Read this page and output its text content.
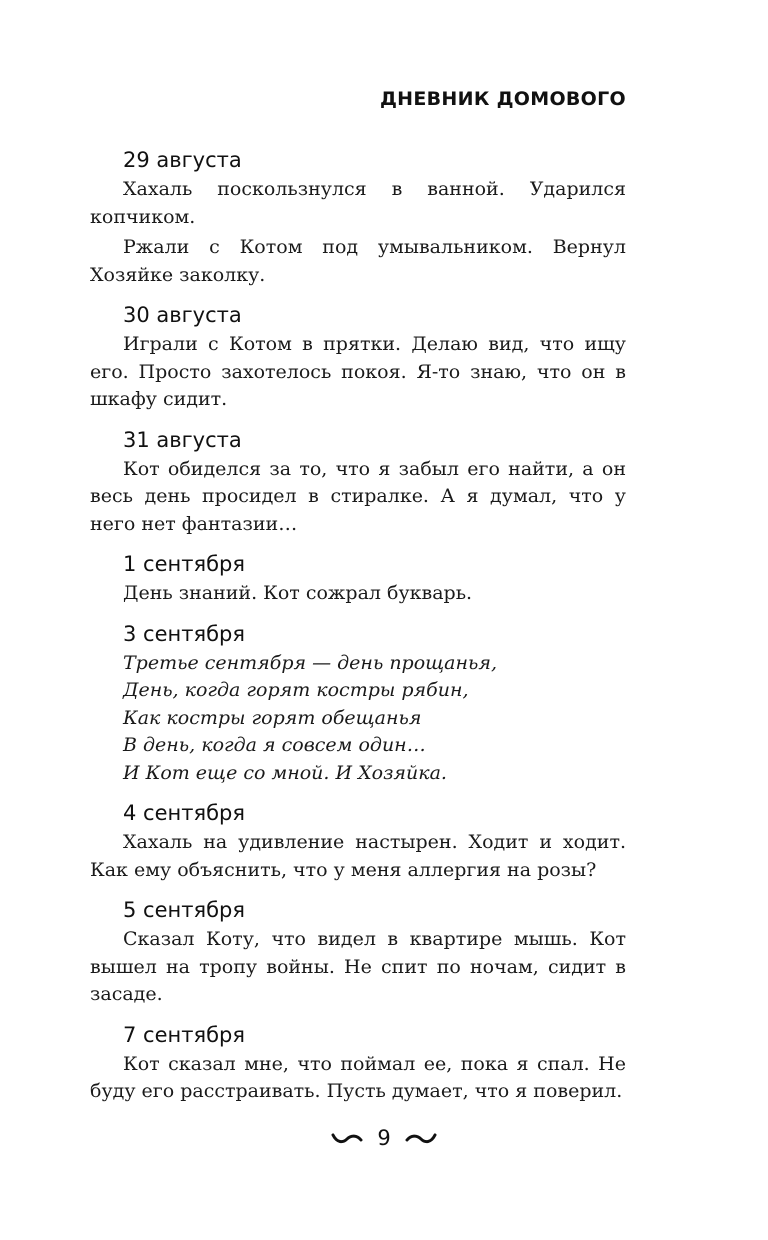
ДНЕВНИК ДОМОВОГО
29 августа

Хахаль поскользнулся в ванной. Ударился копчиком.

Ржали с Котом под умывальником. Вернул Хозяйке заколку.

30 августа

Играли с Котом в прятки. Делаю вид, что ищу его. Просто захотелось покоя. Я-то знаю, что он в шкафу сидит.

31 августа

Кот обиделся за то, что я забыл его найти, а он весь день просидел в стиралке. А я думал, что у него нет фантазии…

1 сентября

День знаний. Кот сожрал букварь.

3 сентября
Третье сентября — день прощанья,
День, когда горят костры рябин,
Как костры горят обещанья
В день, когда я совсем один…
И Кот еще со мной. И Хозяйка.
4 сентября

Хахаль на удивление настырен. Ходит и ходит. Как ему объяснить, что у меня аллергия на розы?

5 сентября

Сказал Коту, что видел в квартире мышь. Кот вышел на тропу войны. Не спит по ночам, сидит в засаде.

7 сентября

Кот сказал мне, что поймал ее, пока я спал. Не буду его расстраивать. Пусть думает, что я поверил.

9
